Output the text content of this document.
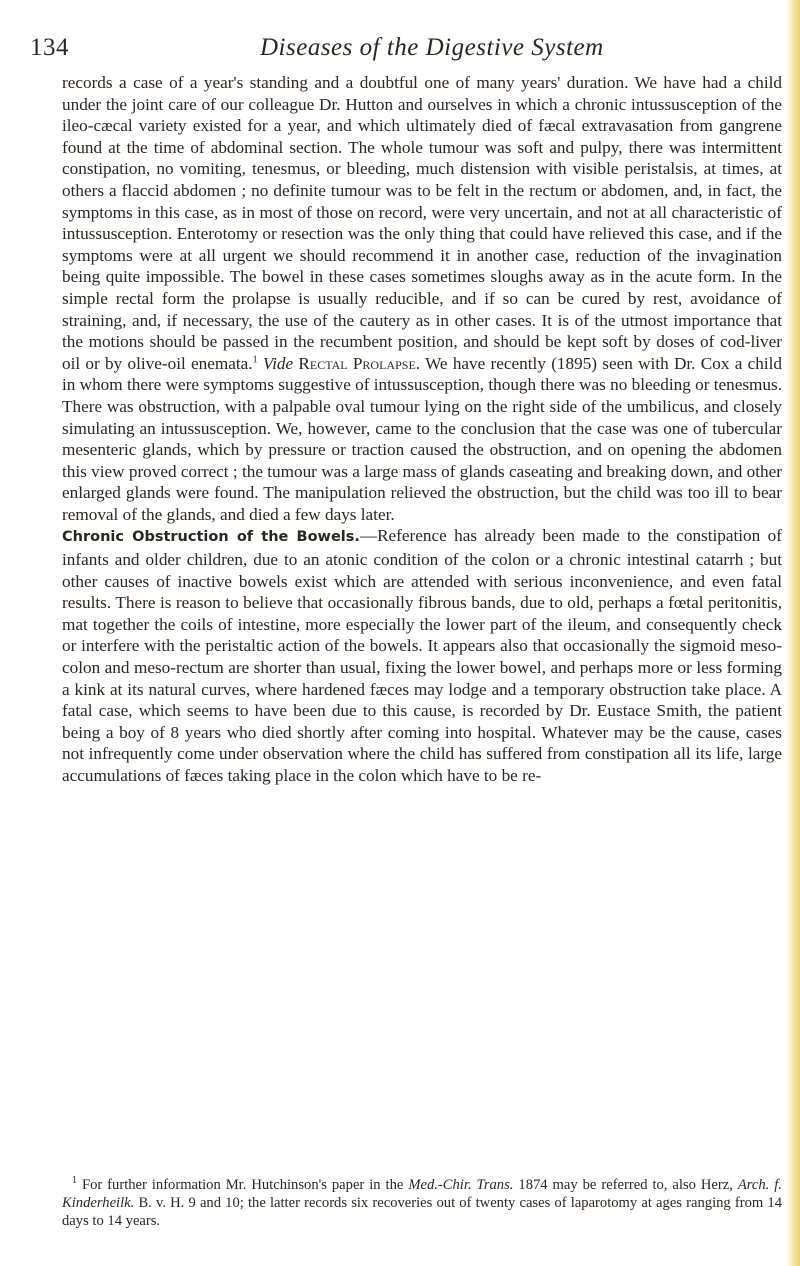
134	Diseases of the Digestive System

records a case of a year's standing and a doubtful one of many years' duration. We have had a child under the joint care of our colleague Dr. Hutton and ourselves in which a chronic intussusception of the ileo-cæcal variety existed for a year, and which ultimately died of fæcal extravasation from gangrene found at the time of abdominal section. The whole tumour was soft and pulpy, there was intermittent constipation, no vomiting, tenesmus, or bleeding, much distension with visible peristalsis, at times, at others a flaccid abdomen ; no definite tumour was to be felt in the rectum or abdomen, and, in fact, the symptoms in this case, as in most of those on record, were very uncertain, and not at all characteristic of intussusception. Enterotomy or resection was the only thing that could have relieved this case, and if the symptoms were at all urgent we should recommend it in another case, reduction of the invagination being quite impossible. The bowel in these cases sometimes sloughs away as in the acute form. In the simple rectal form the prolapse is usually reducible, and if so can be cured by rest, avoidance of straining, and, if necessary, the use of the cautery as in other cases. It is of the utmost importance that the motions should be passed in the recumbent position, and should be kept soft by doses of cod-liver oil or by olive-oil enemata.$^1$ Vide Rectal Prolapse. We have recently (1895) seen with Dr. Cox a child in whom there were symptoms suggestive of intussusception, though there was no bleeding or tenesmus. There was obstruction, with a palpable oval tumour lying on the right side of the umbilicus, and closely simulating an intussusception. We, however, came to the conclusion that the case was one of tubercular mesenteric glands, which by pressure or traction caused the obstruction, and on opening the abdomen this view proved correct ; the tumour was a large mass of glands caseating and breaking down, and other enlarged glands were found. The manipulation relieved the obstruction, but the child was too ill to bear removal of the glands, and died a few days later.

Chronic Obstruction of the Bowels.—Reference has already been made to the constipation of infants and older children, due to an atonic condition of the colon or a chronic intestinal catarrh ; but other causes of inactive bowels exist which are attended with serious inconvenience, and even fatal results. There is reason to believe that occasionally fibrous bands, due to old, perhaps a fœtal peritonitis, mat together the coils of intestine, more especially the lower part of the ileum, and consequently check or interfere with the peristaltic action of the bowels. It appears also that occasionally the sigmoid meso-colon and meso-rectum are shorter than usual, fixing the lower bowel, and perhaps more or less forming a kink at its natural curves, where hardened fæces may lodge and a temporary obstruction take place. A fatal case, which seems to have been due to this cause, is recorded by Dr. Eustace Smith, the patient being a boy of 8 years who died shortly after coming into hospital. Whatever may be the cause, cases not infrequently come under observation where the child has suffered from constipation all its life, large accumulations of fæces taking place in the colon which have to be re-

$^1$ For further information Mr. Hutchinson's paper in the Med.-Chir. Trans. 1874 may be referred to, also Herz, Arch. f. Kinderheilk. B. v. H. 9 and 10; the latter records six recoveries out of twenty cases of laparotomy at ages ranging from 14 days to 14 years.
